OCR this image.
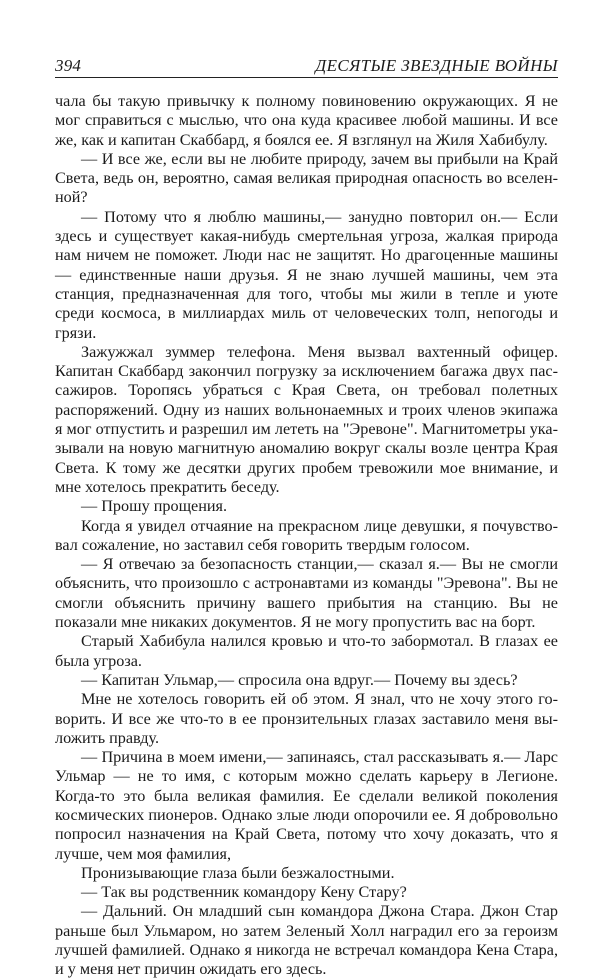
394	ДЕСЯТЫЕ ЗВЕЗДНЫЕ ВОЙНЫ

чала бы такую привычку к полному повиновению окружающих. Я не мог справиться с мыслью, что она куда красивее любой машины. И все же, как и капитан Скаббард, я боялся ее. Я взглянул на Жиля Хабибулу.

— И все же, если вы не любите природу, зачем вы прибыли на Край Света, ведь он, вероятно, самая великая природная опасность во вселенной?

— Потому что я люблю машины,— занудно повторил он.— Если здесь и существует какая-нибудь смертельная угроза, жалкая природа нам ничем не поможет. Люди нас не защитят. Но драгоценные машины — единственные наши друзья. Я не знаю лучшей машины, чем эта станция, предназначенная для того, чтобы мы жили в тепле и уюте среди космоса, в миллиардах миль от человеческих толп, непогоды и грязи.

Зажужжал зуммер телефона. Меня вызвал вахтенный офицер. Капитан Скаббард закончил погрузку за исключением багажа двух пассажиров. Торопясь убраться с Края Света, он требовал полетных распоряжений. Одну из наших вольнонаемных и троих членов экипажа я мог отпустить и разрешил им лететь на "Эревоне". Магнитометры указывали на новую магнитную аномалию вокруг скалы возле центра Края Света. К тому же десятки других пробем тревожили мое внимание, и мне хотелось прекратить беседу.

— Прошу прощения.

Когда я увидел отчаяние на прекрасном лице девушки, я почувствовал сожаление, но заставил себя говорить твердым голосом.

— Я отвечаю за безопасность станции,— сказал я.— Вы не смогли объяснить, что произошло с астронавтами из команды "Эревона". Вы не смогли объяснить причину вашего прибытия на станцию. Вы не показали мне никаких документов. Я не могу пропустить вас на борт.

Старый Хабибула налился кровью и что-то забормотал. В глазах ее была угроза.

— Капитан Ульмар,— спросила она вдруг.— Почему вы здесь?

Мне не хотелось говорить ей об этом. Я знал, что не хочу этого говорить. И все же что-то в ее пронзительных глазах заставило меня выложить правду.

— Причина в моем имени,— запинаясь, стал рассказывать я.— Ларс Ульмар — не то имя, с которым можно сделать карьеру в Легионе. Когда-то это была великая фамилия. Ее сделали великой поколения космических пионеров. Однако злые люди опорочили ее. Я добровольно попросил назначения на Край Света, потому что хочу доказать, что я лучше, чем моя фамилия,

Пронизывающие глаза были безжалостными.

— Так вы родственник командору Кену Стару?

— Дальний. Он младший сын командора Джона Стара. Джон Стар раньше был Ульмаром, но затем Зеленый Холл наградил его за героизм лучшей фамилией. Однако я никогда не встречал командора Кена Стара, и у меня нет причин ожидать его здесь.
